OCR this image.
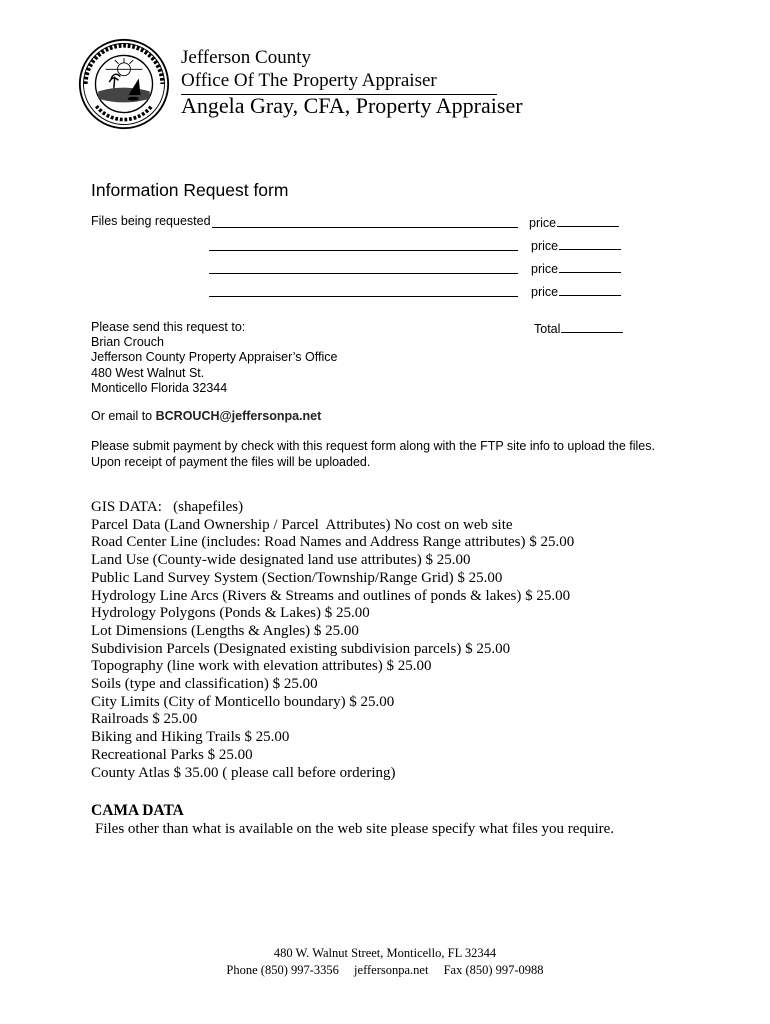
Jefferson County
Office Of The Property Appraiser
Angela Gray, CFA, Property Appraiser
Information Request form
Files being requested	price
price
price
price
Total
Please send this request to:
Brian Crouch
Jefferson County Property Appraiser’s Office
480 West Walnut St.
Monticello Florida 32344
Or email to BCROUCH@jeffersonpa.net
Please submit payment by check with this request form along with the FTP site info to upload the files.
Upon receipt of payment the files will be uploaded.
GIS DATA:   (shapefiles)
Parcel Data (Land Ownership / Parcel  Attributes) No cost on web site
Road Center Line (includes: Road Names and Address Range attributes) $ 25.00
Land Use (County-wide designated land use attributes) $ 25.00
Public Land Survey System (Section/Township/Range Grid) $ 25.00
Hydrology Line Arcs (Rivers & Streams and outlines of ponds & lakes) $ 25.00
Hydrology Polygons (Ponds & Lakes) $ 25.00
Lot Dimensions (Lengths & Angles) $ 25.00
Subdivision Parcels (Designated existing subdivision parcels) $ 25.00
Topography (line work with elevation attributes) $ 25.00
Soils (type and classification) $ 25.00
City Limits (City of Monticello boundary) $ 25.00
Railroads $ 25.00
Biking and Hiking Trails $ 25.00
Recreational Parks $ 25.00
County Atlas $ 35.00 ( please call before ordering)
CAMA DATA
Files other than what is available on the web site please specify what files you require.
480 W. Walnut Street, Monticello, FL 32344
Phone (850) 997-3356 jeffersonpa.net Fax (850) 997-0988
